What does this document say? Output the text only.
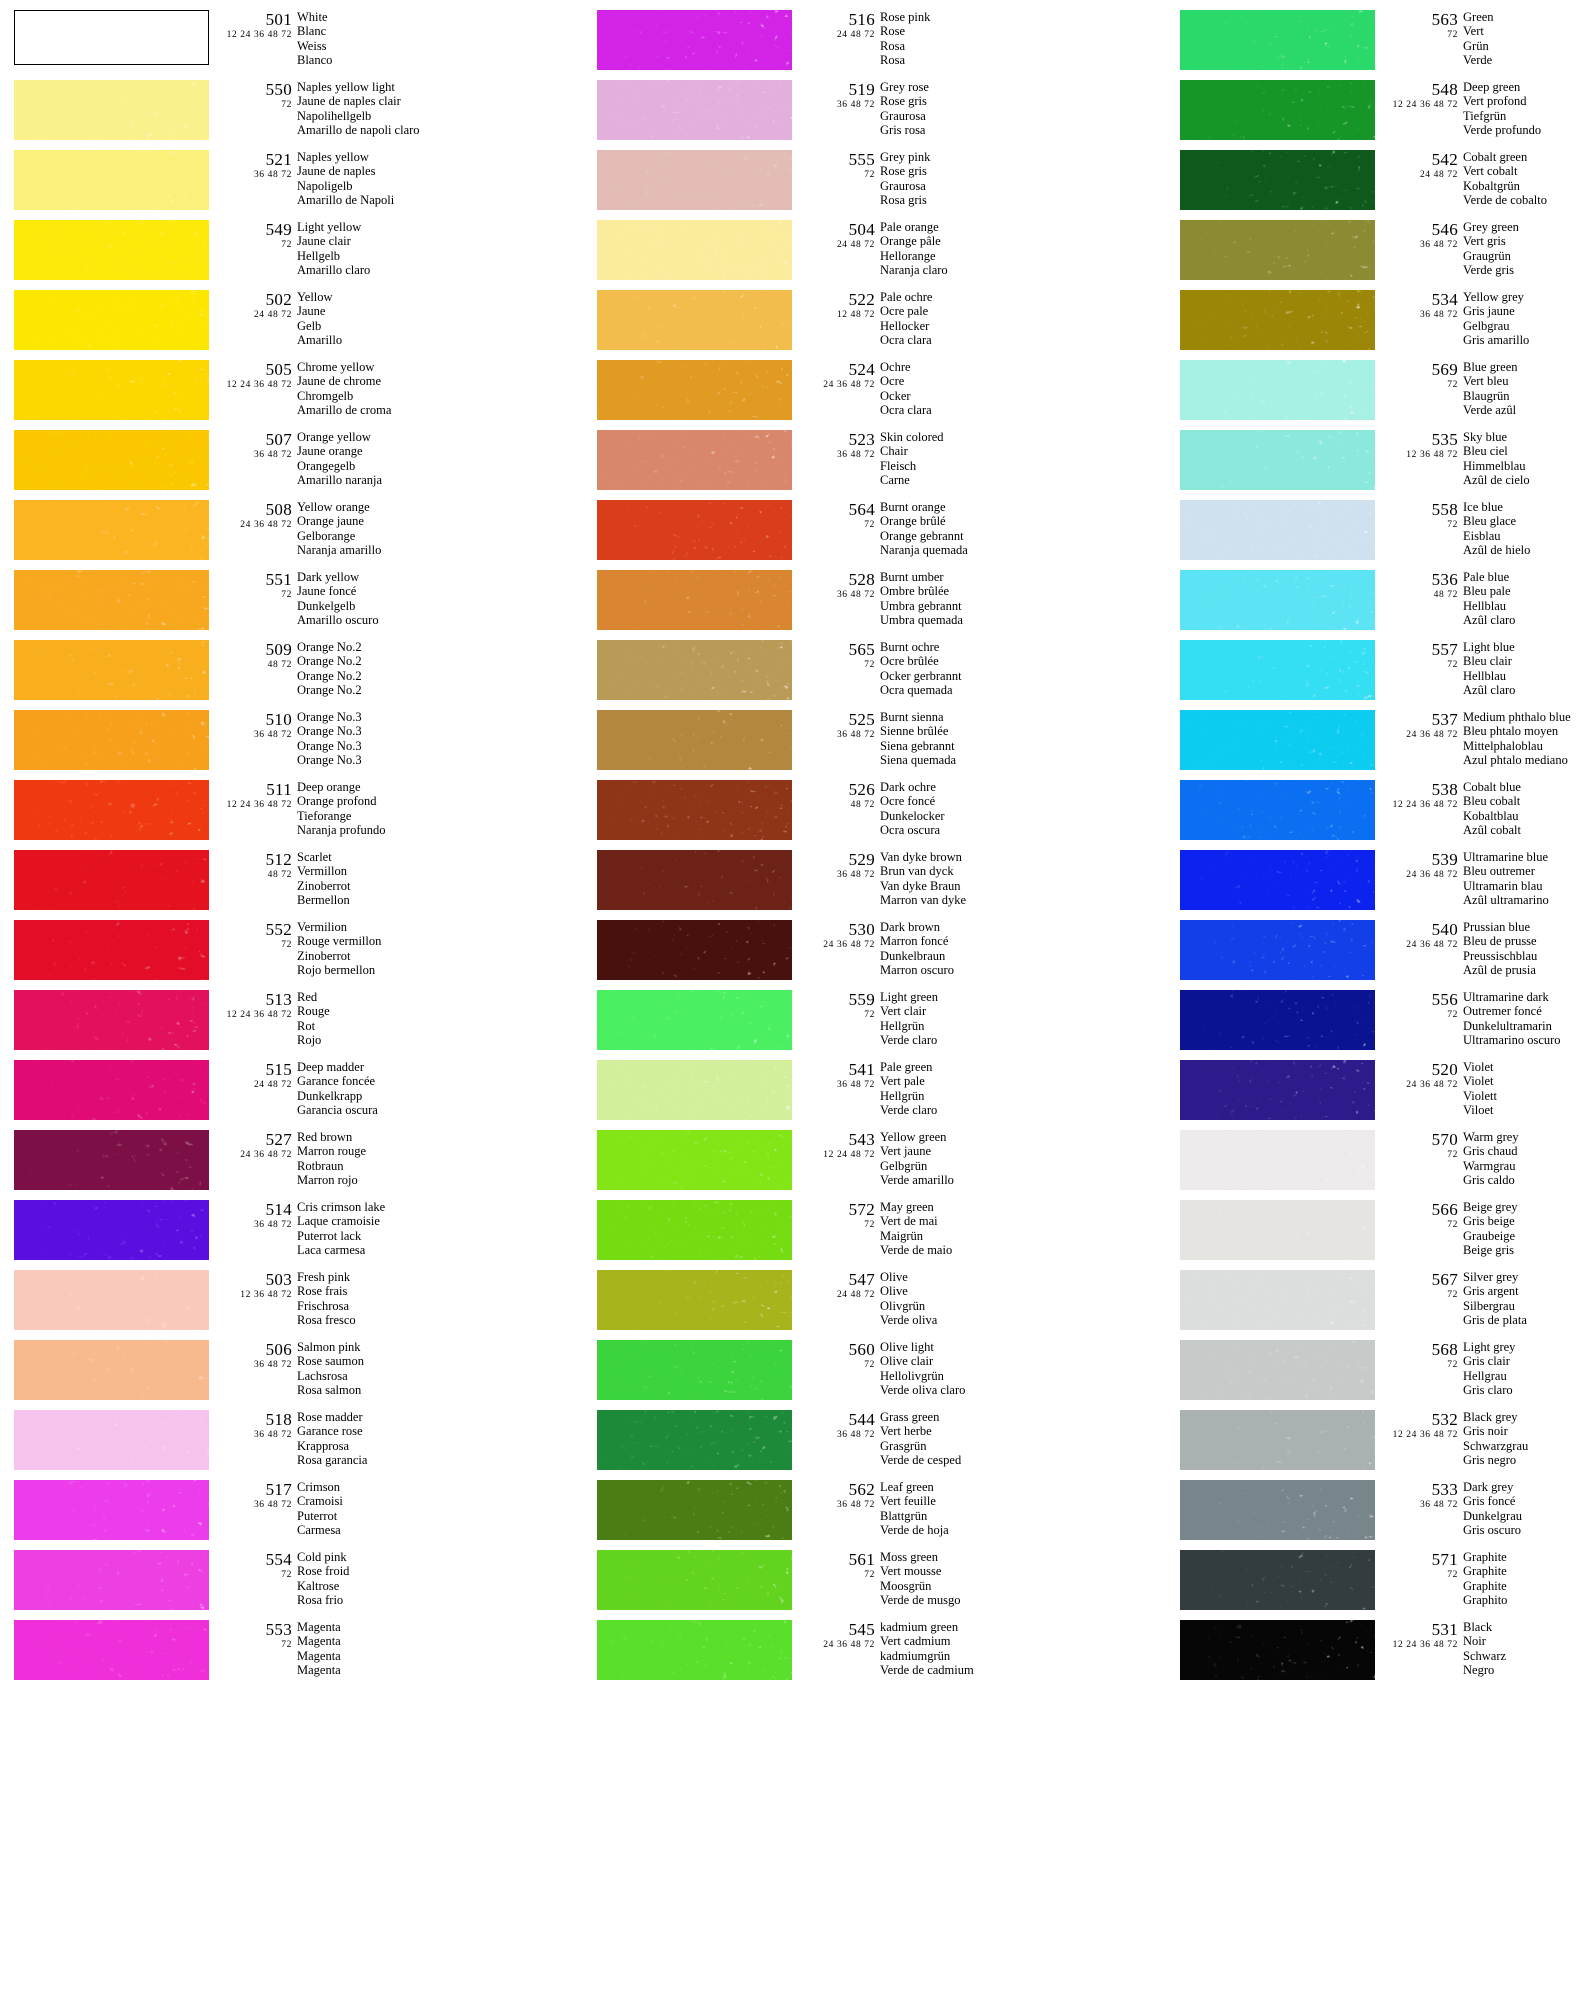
501
12 24 36 48 72
White
Blanc
Weiss
Blanco
550
72
Naples yellow light
Jaune de naples clair
Napolihellgelb
Amarillo de napoli claro
521
36 48 72
Naples yellow
Jaune de naples
Napoligelb
Amarillo de Napoli
549
72
Light yellow
Jaune clair
Hellgelb
Amarillo claro
502
24 48 72
Yellow
Jaune
Gelb
Amarillo
505
12 24 36 48 72
Chrome yellow
Jaune de chrome
Chromgelb
Amarillo de croma
507
36 48 72
Orange yellow
Jaune orange
Orangegelb
Amarillo naranja
508
24 36 48 72
Yellow orange
Orange jaune
Gelborange
Naranja amarillo
551
72
Dark yellow
Jaune foncé
Dunkelgelb
Amarillo oscuro
509
48 72
Orange No.2
Orange No.2
Orange No.2
Orange No.2
510
36 48 72
Orange No.3
Orange No.3
Orange No.3
Orange No.3
511
12 24 36 48 72
Deep orange
Orange profond
Tieforange
Naranja profundo
512
48 72
Scarlet
Vermillon
Zinoberrot
Bermellon
552
72
Vermilion
Rouge vermillon
Zinoberrot
Rojo bermellon
513
12 24 36 48 72
Red
Rouge
Rot
Rojo
515
24 48 72
Deep madder
Garance foncée
Dunkelkrapp
Garancia oscura
527
24 36 48 72
Red brown
Marron rouge
Rotbraun
Marron rojo
514
36 48 72
Cris crimson lake
Laque cramoisie
Puterrot lack
Laca carmesa
503
12 36 48 72
Fresh pink
Rose frais
Frischrosa
Rosa fresco
506
36 48 72
Salmon pink
Rose saumon
Lachsrosa
Rosa salmon
518
36 48 72
Rose madder
Garance rose
Krapprosa
Rosa garancia
517
36 48 72
Crimson
Cramoisi
Puterrot
Carmesa
554
72
Cold pink
Rose froid
Kaltrose
Rosa frio
553
72
Magenta
Magenta
Magenta
Magenta
516
24 48 72
Rose pink
Rose
Rosa
Rosa
519
36 48 72
Grey rose
Rose gris
Graurosa
Gris rosa
555
72
Grey pink
Rose gris
Graurosa
Rosa gris
504
24 48 72
Pale orange
Orange pâle
Hellorange
Naranja claro
522
12 48 72
Pale ochre
Ocre pale
Hellocker
Ocra clara
524
24 36 48 72
Ochre
Ocre
Ocker
Ocra clara
523
36 48 72
Skin colored
Chair
Fleisch
Carne
564
72
Burnt orange
Orange brûlé
Orange gebrannt
Naranja quemada
528
36 48 72
Burnt umber
Ombre brûlée
Umbra gebrannt
Umbra quemada
565
72
Burnt ochre
Ocre brûlée
Ocker gerbrannt
Ocra quemada
525
36 48 72
Burnt sienna
Sienne brûlée
Siena gebrannt
Siena quemada
526
48 72
Dark ochre
Ocre foncé
Dunkelocker
Ocra oscura
529
36 48 72
Van dyke brown
Brun van dyck
Van dyke Braun
Marron van dyke
530
24 36 48 72
Dark brown
Marron foncé
Dunkelbraun
Marron oscuro
559
72
Light green
Vert clair
Hellgrün
Verde claro
541
36 48 72
Pale green
Vert pale
Hellgrün
Verde claro
543
12 24 48 72
Yellow green
Vert jaune
Gelbgrün
Verde amarillo
572
72
May green
Vert de mai
Maigrün
Verde de maio
547
24 48 72
Olive
Olive
Olivgrün
Verde oliva
560
72
Olive light
Olive clair
Hellolivgrün
Verde oliva claro
544
36 48 72
Grass green
Vert herbe
Grasgrün
Verde de cesped
562
36 48 72
Leaf green
Vert feuille
Blattgrün
Verde de hoja
561
72
Moss green
Vert mousse
Moosgrün
Verde de musgo
545
24 36 48 72
kadmium green
Vert cadmium
kadmiumgrün
Verde de cadmium
563
72
Green
Vert
Grün
Verde
548
12 24 36 48 72
Deep green
Vert profond
Tiefgrün
Verde profundo
542
24 48 72
Cobalt green
Vert cobalt
Kobaltgrün
Verde de cobalto
546
36 48 72
Grey green
Vert gris
Graugrün
Verde gris
534
36 48 72
Yellow grey
Gris jaune
Gelbgrau
Gris amarillo
569
72
Blue green
Vert bleu
Blaugrün
Verde azûl
535
12 36 48 72
Sky blue
Bleu ciel
Himmelblau
Azûl de cielo
558
72
Ice blue
Bleu glace
Eisblau
Azûl de hielo
536
48 72
Pale blue
Bleu pale
Hellblau
Azûl claro
557
72
Light blue
Bleu clair
Hellblau
Azûl claro
537
24 36 48 72
Medium phthalo blue
Bleu phtalo moyen
Mittelphaloblau
Azul phtalo mediano
538
12 24 36 48 72
Cobalt blue
Bleu cobalt
Kobaltblau
Azûl cobalt
539
24 36 48 72
Ultramarine blue
Bleu outremer
Ultramarin blau
Azûl ultramarino
540
24 36 48 72
Prussian blue
Bleu de prusse
Preussischblau
Azûl de prusia
556
72
Ultramarine dark
Outremer foncé
Dunkelultramarin
Ultramarino oscuro
520
24 36 48 72
Violet
Violet
Violett
Viloet
570
72
Warm grey
Gris chaud
Warmgrau
Gris caldo
566
72
Beige grey
Gris beige
Graubeige
Beige gris
567
72
Silver grey
Gris argent
Silbergrau
Gris de plata
568
72
Light grey
Gris clair
Hellgrau
Gris claro
532
12 24 36 48 72
Black grey
Gris noir
Schwarzgrau
Gris negro
533
36 48 72
Dark grey
Gris foncé
Dunkelgrau
Gris oscuro
571
72
Graphite
Graphite
Graphite
Graphito
531
12 24 36 48 72
Black
Noir
Schwarz
Negro
